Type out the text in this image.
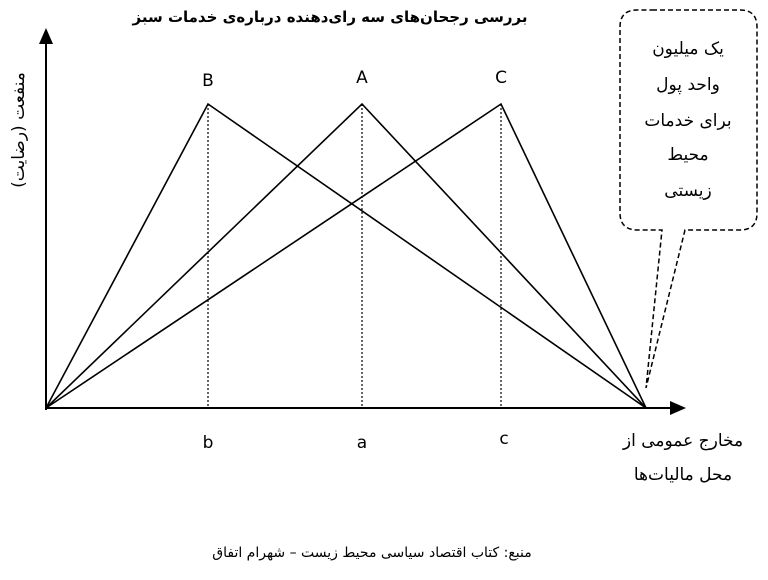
بررسی رجحان‌های سه رای‌دهنده درباره‌ی خدمات سبز
منفعت (رضایت)	B	A	C
b	a	c	مخارج عمومی از
محل مالیات‌ها
یک میلیون
واحد پول
برای خدمات
محیط
زیستی
منبع: کتاب اقتصاد سیاسی محیط زیست – شهرام اتفاق
